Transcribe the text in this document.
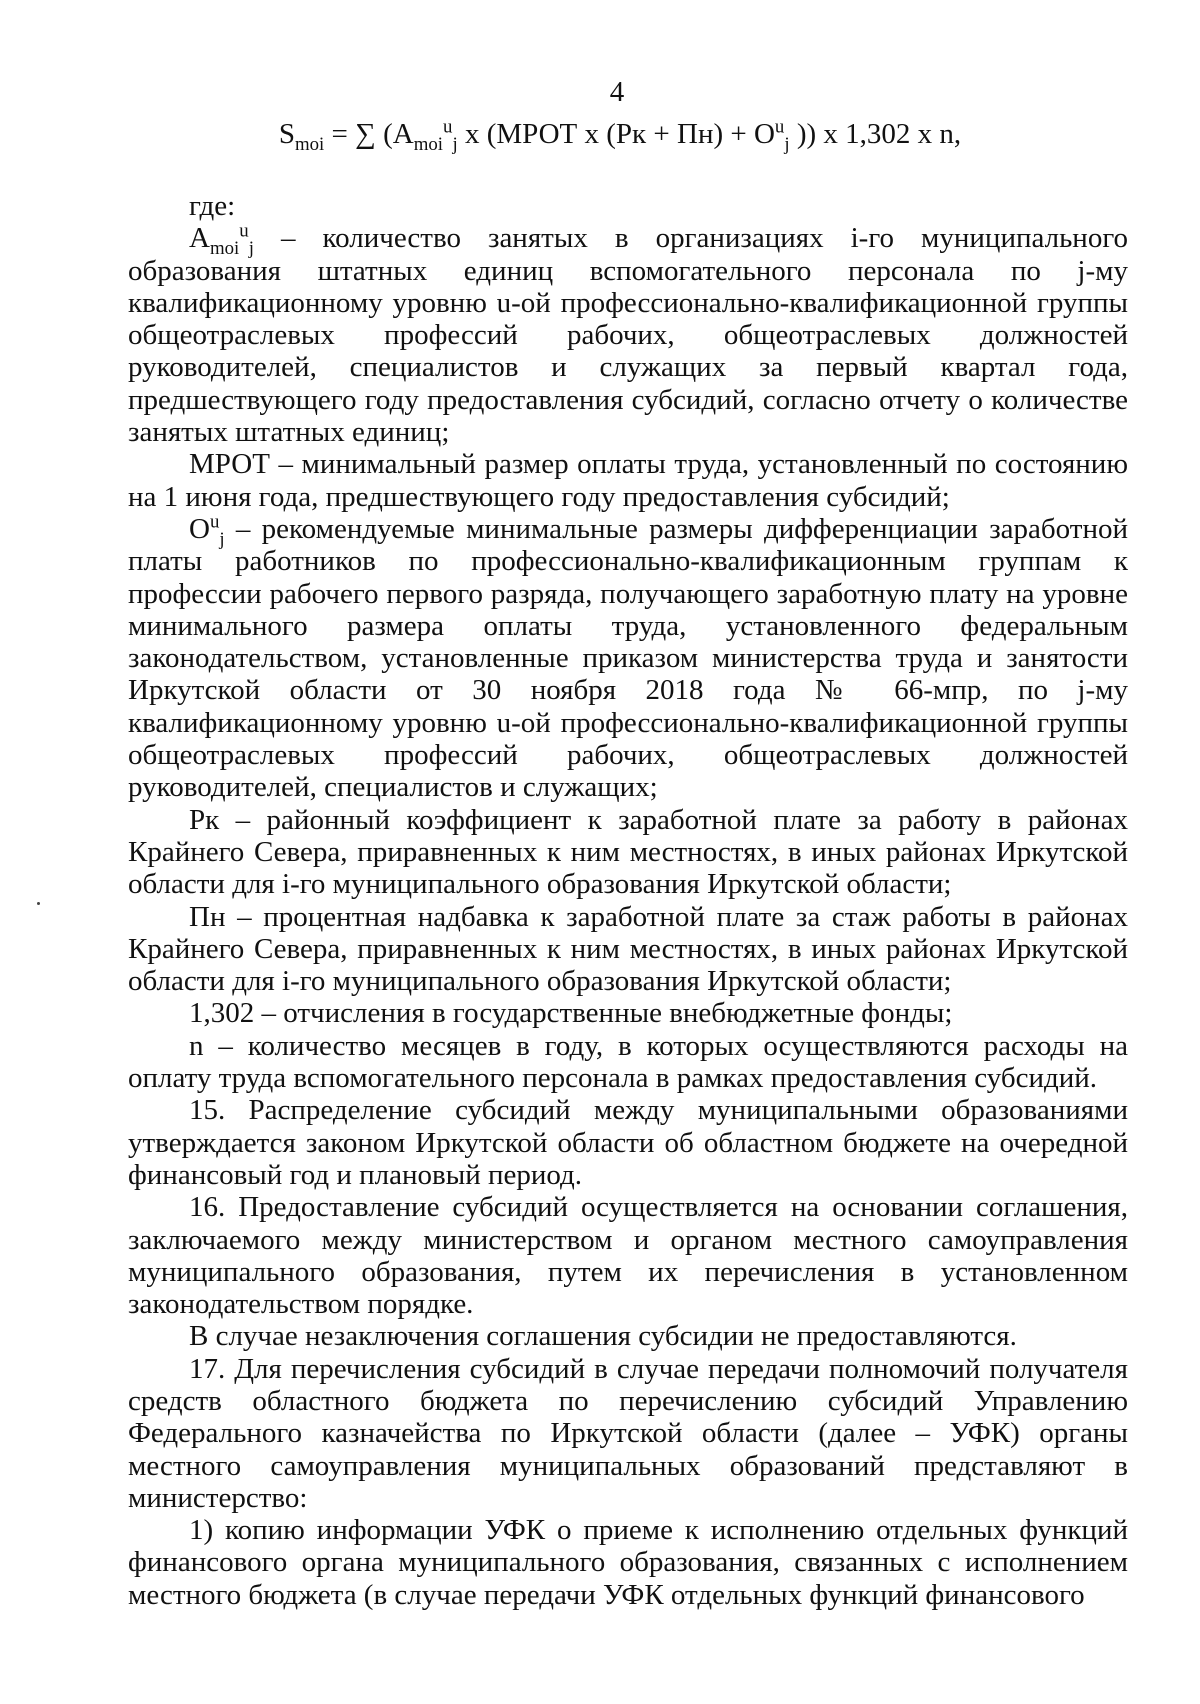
4
$S_{moi}$ = ∑ ($A_{moi}^u_j$ x (МРОТ x $(Рк + Пн) + О^u_j$ )) x 1,302 x n,

где:

$A_{moi}^u_j$ – количество занятых в организациях i-го муниципального образования штатных единиц вспомогательного персонала по j-му квалификационному уровню u-ой профессионально-квалификационной группы общеотраслевых профессий рабочих, общеотраслевых должностей руководителей, специалистов и служащих за первый квартал года, предшествующего году предоставления субсидий, согласно отчету о количестве занятых штатных единиц;

МРОТ – минимальный размер оплаты труда, установленный по состоянию на 1 июня года, предшествующего году предоставления субсидий;

$О^u_j$ – рекомендуемые минимальные размеры дифференциации заработной платы работников по профессионально-квалификационным группам к профессии рабочего первого разряда, получающего заработную плату на уровне минимального размера оплаты труда, установленного федеральным законодательством, установленные приказом министерства труда и занятости Иркутской области от 30 ноября 2018 года № 66-мпр, по j-му квалификационному уровню u-ой профессионально-квалификационной группы общеотраслевых профессий рабочих, общеотраслевых должностей руководителей, специалистов и служащих;

Рк – районный коэффициент к заработной плате за работу в районах Крайнего Севера, приравненных к ним местностях, в иных районах Иркутской области для i-го муниципального образования Иркутской области;

Пн – процентная надбавка к заработной плате за стаж работы в районах Крайнего Севера, приравненных к ним местностях, в иных районах Иркутской области для i-го муниципального образования Иркутской области;

1,302 – отчисления в государственные внебюджетные фонды;

n – количество месяцев в году, в которых осуществляются расходы на оплату труда вспомогательного персонала в рамках предоставления субсидий.

15. Распределение субсидий между муниципальными образованиями утверждается законом Иркутской области об областном бюджете на очередной финансовый год и плановый период.

16. Предоставление субсидий осуществляется на основании соглашения, заключаемого между министерством и органом местного самоуправления муниципального образования, путем их перечисления в установленном законодательством порядке.

В случае незаключения соглашения субсидии не предоставляются.

17. Для перечисления субсидий в случае передачи полномочий получателя средств областного бюджета по перечислению субсидий Управлению Федерального казначейства по Иркутской области (далее – УФК) органы местного самоуправления муниципальных образований представляют в министерство:

1) копию информации УФК о приеме к исполнению отдельных функций финансового органа муниципального образования, связанных с исполнением местного бюджета (в случае передачи УФК отдельных функций финансового
